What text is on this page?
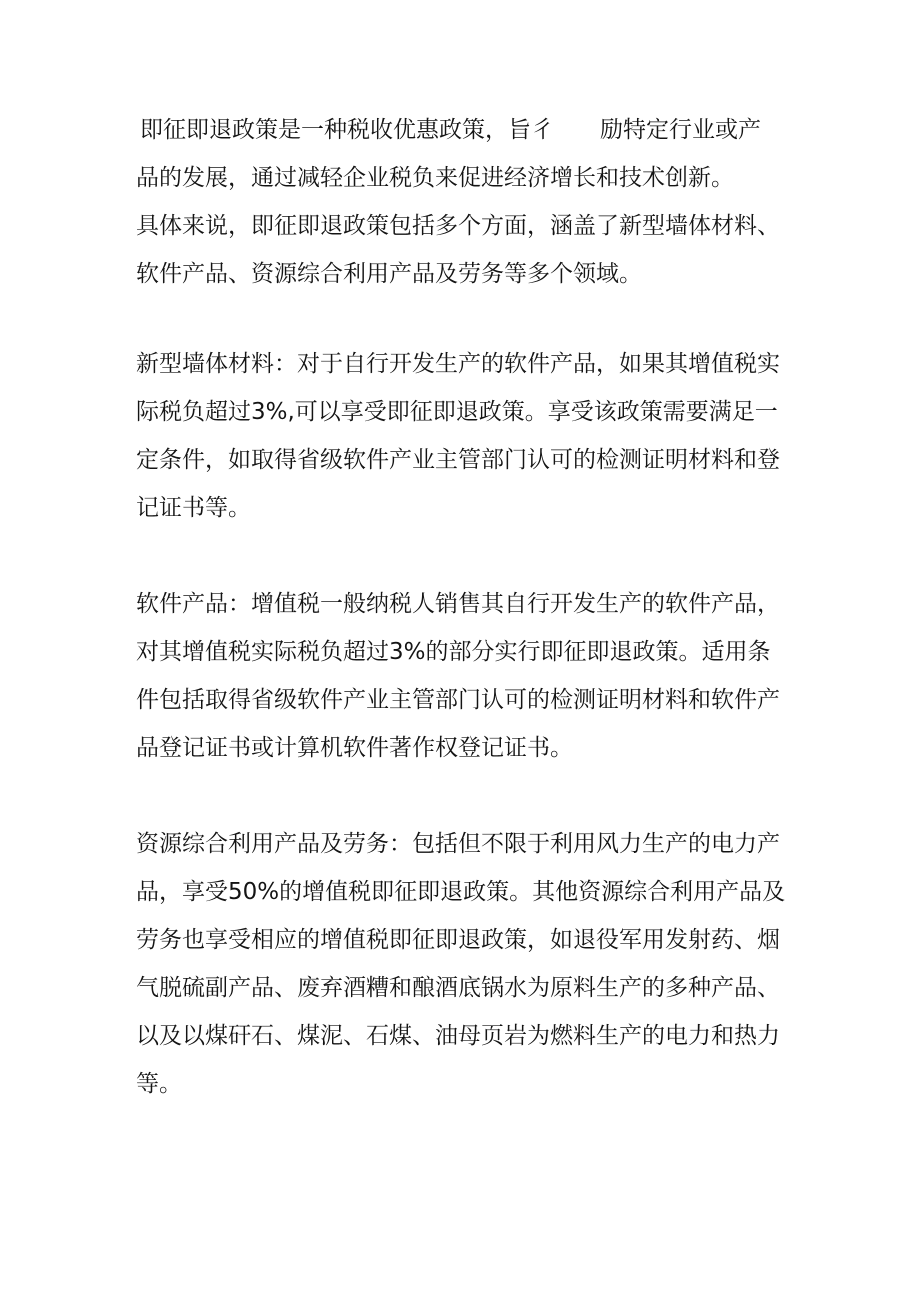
即征即退政策是一种税收优惠政策，旨彳　　励特定行业或产
品的发展，通过减轻企业税负来促进经济增长和技术创新。
具体来说，即征即退政策包括多个方面，涵盖了新型墙体材料、
软件产品、资源综合利用产品及劳务等多个领域。

新型墙体材料：对于自行开发生产的软件产品，如果其增值税实
际税负超过3%,可以享受即征即退政策。享受该政策需要满足一
定条件，如取得省级软件产业主管部门认可的检测证明材料和登
记证书等。

软件产品：增值税一般纳税人销售其自行开发生产的软件产品，
对其增值税实际税负超过3%的部分实行即征即退政策。适用条
件包括取得省级软件产业主管部门认可的检测证明材料和软件产
品登记证书或计算机软件著作权登记证书。

资源综合利用产品及劳务：包括但不限于利用风力生产的电力产
品，享受50%的增值税即征即退政策。其他资源综合利用产品及
劳务也享受相应的增值税即征即退政策，如退役军用发射药、烟
气脱硫副产品、废弃酒糟和酿酒底锅水为原料生产的多种产品、
以及以煤矸石、煤泥、石煤、油母页岩为燃料生产的电力和热力
等。
